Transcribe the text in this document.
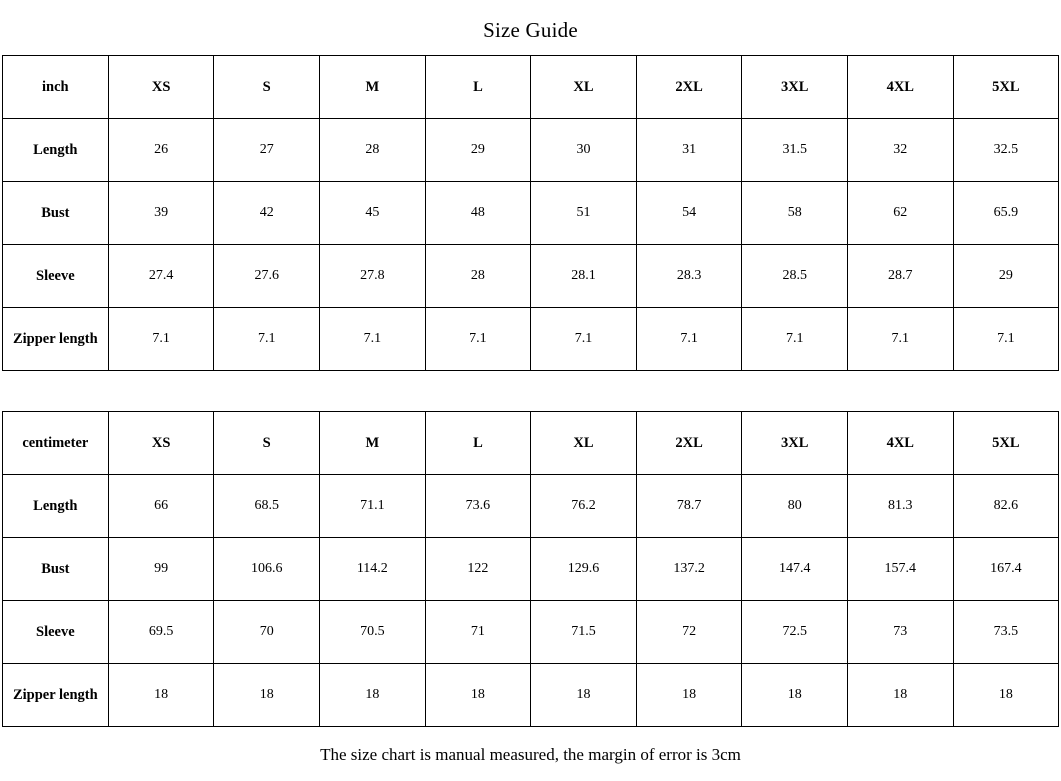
Size Guide
inch	XS	S	M	L	XL	2XL	3XL	4XL	5XL
Length	26	27	28	29	30	31	31.5	32	32.5
Bust	39	42	45	48	51	54	58	62	65.9
Sleeve	27.4	27.6	27.8	28	28.1	28.3	28.5	28.7	29
Zipper length	7.1	7.1	7.1	7.1	7.1	7.1	7.1	7.1	7.1
centimeter	XS	S	M	L	XL	2XL	3XL	4XL	5XL
Length	66	68.5	71.1	73.6	76.2	78.7	80	81.3	82.6
Bust	99	106.6	114.2	122	129.6	137.2	147.4	157.4	167.4
Sleeve	69.5	70	70.5	71	71.5	72	72.5	73	73.5
Zipper length	18	18	18	18	18	18	18	18	18
The size chart is manual measured, the margin of error is 3cm
